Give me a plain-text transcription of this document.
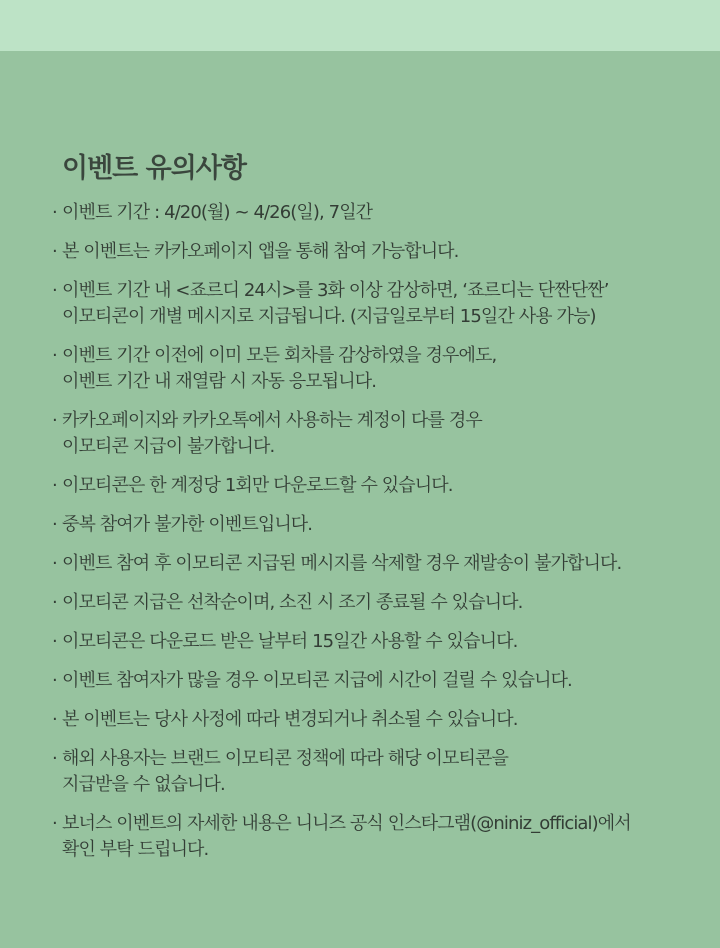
이벤트 유의사항
· 이벤트 기간 : 4/20(월) ~ 4/26(일), 7일간
· 본 이벤트는 카카오페이지 앱을 통해 참여 가능합니다.
· 이벤트 기간 내 <죠르디 24시>를 3화 이상 감상하면, ‘죠르디는 단짠단짠’
이모티콘이 개별 메시지로 지급됩니다. (지급일로부터 15일간 사용 가능)
· 이벤트 기간 이전에 이미 모든 회차를 감상하였을 경우에도,
이벤트 기간 내 재열람 시 자동 응모됩니다.
· 카카오페이지와 카카오톡에서 사용하는 계정이 다를 경우
이모티콘 지급이 불가합니다.
· 이모티콘은 한 계정당 1회만 다운로드할 수 있습니다.
· 중복 참여가 불가한 이벤트입니다.
· 이벤트 참여 후 이모티콘 지급된 메시지를 삭제할 경우 재발송이 불가합니다.
· 이모티콘 지급은 선착순이며, 소진 시 조기 종료될 수 있습니다.
· 이모티콘은 다운로드 받은 날부터 15일간 사용할 수 있습니다.
· 이벤트 참여자가 많을 경우 이모티콘 지급에 시간이 걸릴 수 있습니다.
· 본 이벤트는 당사 사정에 따라 변경되거나 취소될 수 있습니다.
· 해외 사용자는 브랜드 이모티콘 정책에 따라 해당 이모티콘을
지급받을 수 없습니다.
· 보너스 이벤트의 자세한 내용은 니니즈 공식 인스타그램(@niniz_official)에서
확인 부탁 드립니다.
